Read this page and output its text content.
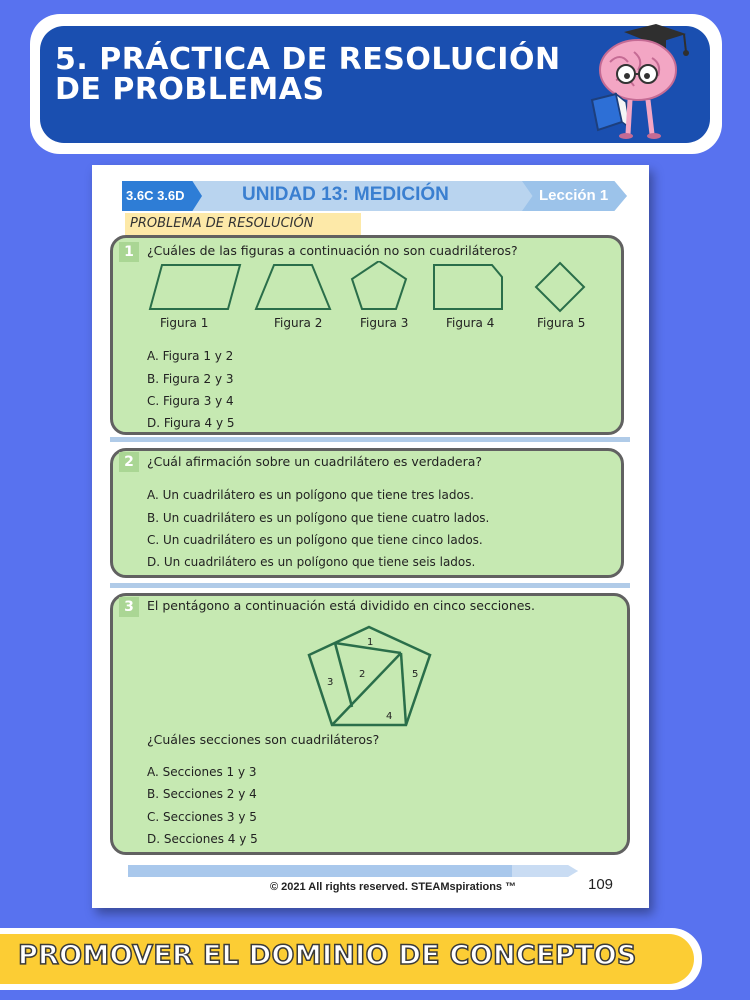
5. PRÁCTICA DE RESOLUCIÓN
DE PROBLEMAS
3.6C 3.6D	UNIDAD 13: MEDICIÓN	Lección 1
PROBLEMA DE RESOLUCIÓN
1	¿Cuáles de las figuras a continuación no son cuadriláteros?
Figura 1	Figura 2	Figura 3	Figura 4	Figura 5
A. Figura 1 y 2
B. Figura 2 y 3
C. Figura 3 y 4
D. Figura 4 y 5
2	¿Cuál afirmación sobre un cuadrilátero es verdadera?
A. Un cuadrilátero es un polígono que tiene tres lados.
B. Un cuadrilátero es un polígono que tiene cuatro lados.
C. Un cuadrilátero es un polígono que tiene cinco lados.
D. Un cuadrilátero es un polígono que tiene seis lados.
3	El pentágono a continuación está dividido en cinco secciones.
1
2
3
4
5
¿Cuáles secciones son cuadriláteros?
A. Secciones 1 y 3
B. Secciones 2 y 4
C. Secciones 3 y 5
D. Secciones 4 y 5
© 2021 All rights reserved. STEAMspirations ™	109
PROMOVER EL DOMINIO DE CONCEPTOS
